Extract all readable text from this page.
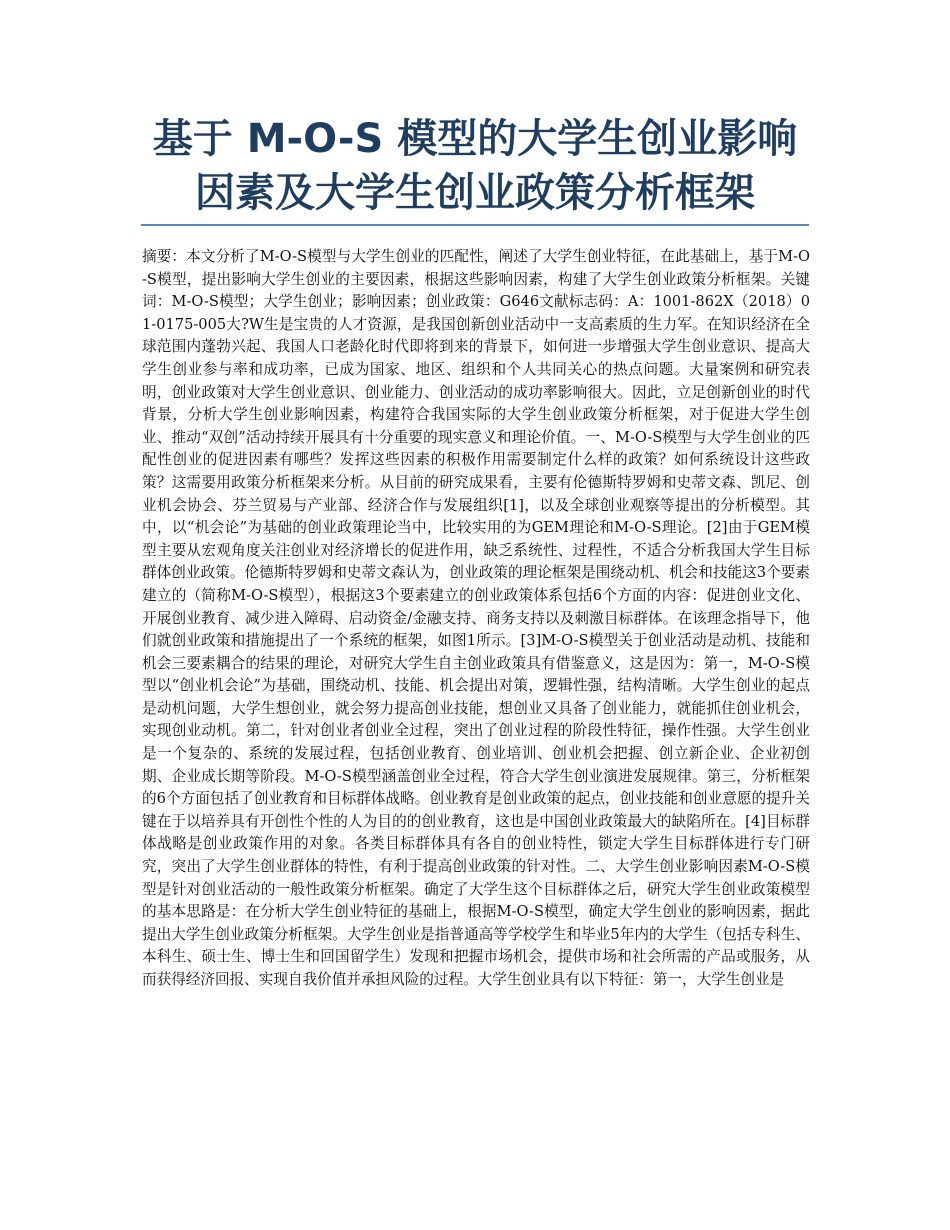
基于 M-O-S 模型的大学生创业影响
因素及大学生创业政策分析框架

摘要：本文分析了M-O-S模型与大学生创业的匹配性，阐述了大学生创业特征，在此基础上，基于M-O-S模型，提出影响大学生创业的主要因素，根据这些影响因素，构建了大学生创业政策分析框架。关键词：M-O-S模型；大学生创业；影响因素；创业政策：G646文献标志码：A：1001-862X（2018）01-0175-005大?W生是宝贵的人才资源，是我国创新创业活动中一支高素质的生力军。在知识经济在全球范围内蓬勃兴起、我国人口老龄化时代即将到来的背景下，如何进一步增强大学生创业意识、提高大学生创业参与率和成功率，已成为国家、地区、组织和个人共同关心的热点问题。大量案例和研究表明，创业政策对大学生创业意识、创业能力、创业活动的成功率影响很大。因此，立足创新创业的时代背景，分析大学生创业影响因素，构建符合我国实际的大学生创业政策分析框架，对于促进大学生创业、推动“双创”活动持续开展具有十分重要的现实意义和理论价值。一、M-O-S模型与大学生创业的匹配性创业的促进因素有哪些？发挥这些因素的积极作用需要制定什么样的政策？如何系统设计这些政策？这需要用政策分析框架来分析。从目前的研究成果看，主要有伦德斯特罗姆和史蒂文森、凯尼、创业机会协会、芬兰贸易与产业部、经济合作与发展组织[1]，以及全球创业观察等提出的分析模型。其中，以“机会论”为基础的创业政策理论当中，比较实用的为GEM理论和M-O-S理论。[2]由于GEM模型主要从宏观角度关注创业对经济增长的促进作用，缺乏系统性、过程性，不适合分析我国大学生目标群体创业政策。伦德斯特罗姆和史蒂文森认为，创业政策的理论框架是围绕动机、机会和技能这3个要素建立的（简称M-O-S模型），根据这3个要素建立的创业政策体系包括6个方面的内容：促进创业文化、开展创业教育、减少进入障碍、启动资金/金融支持、商务支持以及刺激目标群体。在该理念指导下，他们就创业政策和措施提出了一个系统的框架，如图1所示。[3]M-O-S模型关于创业活动是动机、技能和机会三要素耦合的结果的理论，对研究大学生自主创业政策具有借鉴意义，这是因为：第一，M-O-S模型以“创业机会论”为基础，围绕动机、技能、机会提出对策，逻辑性强，结构清晰。大学生创业的起点是动机问题，大学生想创业，就会努力提高创业技能，想创业又具备了创业能力，就能抓住创业机会，实现创业动机。第二，针对创业者创业全过程，突出了创业过程的阶段性特征，操作性强。大学生创业是一个复杂的、系统的发展过程，包括创业教育、创业培训、创业机会把握、创立新企业、企业初创期、企业成长期等阶段。M-O-S模型涵盖创业全过程，符合大学生创业演进发展规律。第三，分析框架的6个方面包括了创业教育和目标群体战略。创业教育是创业政策的起点，创业技能和创业意愿的提升关键在于以培养具有开创性个性的人为目的的创业教育，这也是中国创业政策最大的缺陷所在。[4]目标群体战略是创业政策作用的对象。各类目标群体具有各自的创业特性，锁定大学生目标群体进行专门研究，突出了大学生创业群体的特性，有利于提高创业政策的针对性。二、大学生创业影响因素M-O-S模型是针对创业活动的一般性政策分析框架。确定了大学生这个目标群体之后，研究大学生创业政策模型的基本思路是：在分析大学生创业特征的基础上，根据M-O-S模型，确定大学生创业的影响因素，据此提出大学生创业政策分析框架。大学生创业是指普通高等学校学生和毕业5年内的大学生（包括专科生、本科生、硕士生、博士生和回国留学生）发现和把握市场机会，提供市场和社会所需的产品或服务，从而获得经济回报、实现自我价值并承担风险的过程。大学生创业具有以下特征：第一，大学生创业是
